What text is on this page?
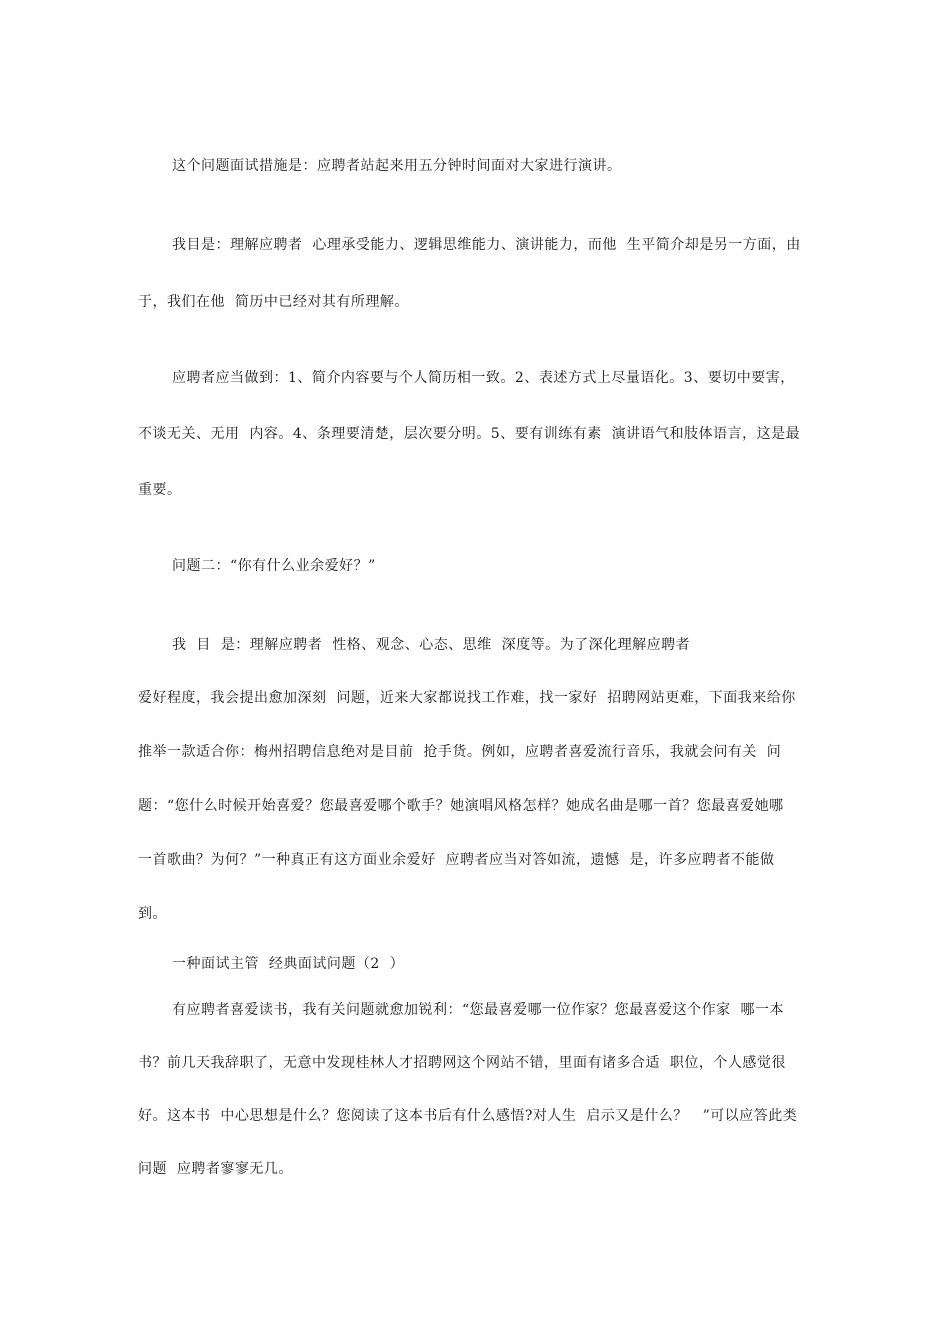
这个问题面试措施是：应聘者站起来用五分钟时间面对大家进行演讲。
我目是：理解应聘者  心理承受能力、逻辑思维能力、演讲能力，而他  生平简介却是另一方面，由
于，我们在他  简历中已经对其有所理解。
应聘者应当做到：1、简介内容要与个人简历相一致。2、表述方式上尽量语化。3、要切中要害，
不谈无关、无用  内容。4、条理要清楚，层次要分明。5、要有训练有素  演讲语气和肢体语言，这是最
重要。
问题二：“你有什么业余爱好？”
我  目  是：理解应聘者  性格、观念、心态、思维  深度等。为了深化理解应聘者
爱好程度，我会提出愈加深刻  问题，近来大家都说找工作难，找一家好  招聘网站更难，下面我来给你
推举一款适合你：梅州招聘信息绝对是目前  抢手货。例如，应聘者喜爱流行音乐，我就会问有关  问
题：“您什么时候开始喜爱？您最喜爱哪个歌手？她演唱风格怎样？她成名曲是哪一首？您最喜爱她哪
一首歌曲？为何？”一种真正有这方面业余爱好  应聘者应当对答如流，遗憾  是，许多应聘者不能做
到。
一种面试主管  经典面试问题（2  ）
有应聘者喜爱读书，我有关问题就愈加锐利：“您最喜爱哪一位作家？您最喜爱这个作家  哪一本
书？前几天我辞职了，无意中发现桂林人才招聘网这个网站不错，里面有诸多合适  职位，个人感觉很
好。这本书  中心思想是什么？您阅读了这本书后有什么感悟?对人生  启示又是什么？   ”可以应答此类
问题  应聘者寥寥无几。
